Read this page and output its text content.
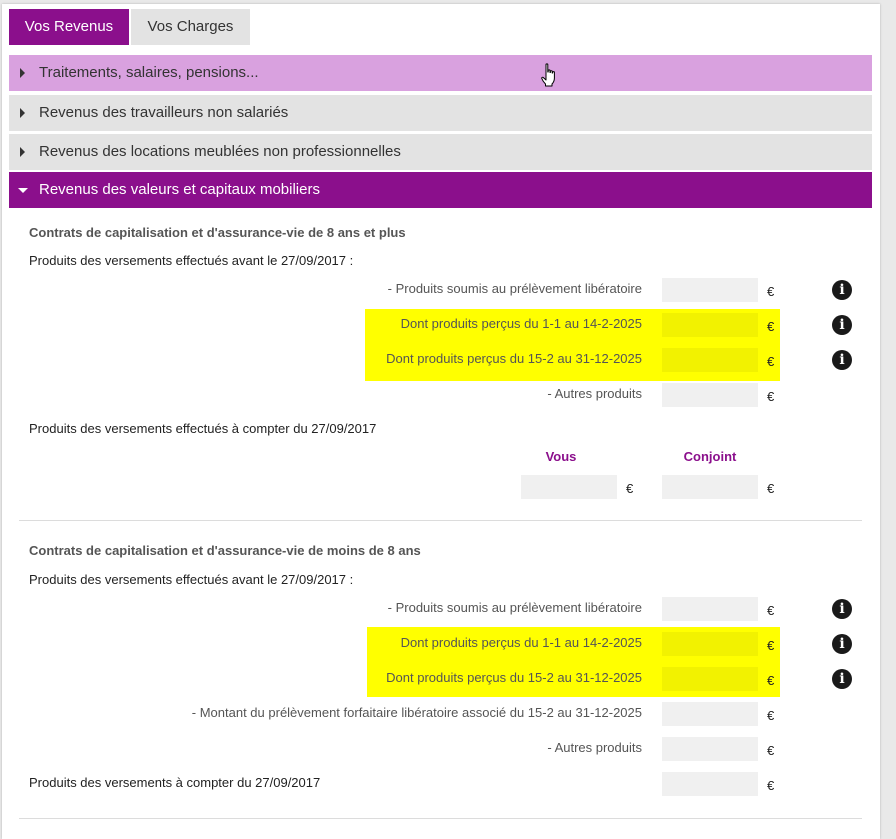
Vos Revenus	Vos Charges
Traitements, salaires, pensions...
Revenus des travailleurs non salariés
Revenus des locations meublées non professionnelles
Revenus des valeurs et capitaux mobiliers
Contrats de capitalisation et d'assurance-vie de 8 ans et plus
Produits des versements effectués avant le 27/09/2017 :
- Produits soumis au prélèvement libératoire	€	i
Dont produits perçus du 1-1 au 14-2-2025	€	i
Dont produits perçus du 15-2 au 31-12-2025	€	i
- Autres produits	€
Produits des versements effectués à compter du 27/09/2017
Vous	Conjoint
€	€
Contrats de capitalisation et d'assurance-vie de moins de 8 ans
Produits des versements effectués avant le 27/09/2017 :
- Produits soumis au prélèvement libératoire	€	i
Dont produits perçus du 1-1 au 14-2-2025	€	i
Dont produits perçus du 15-2 au 31-12-2025	€	i
- Montant du prélèvement forfaitaire libératoire associé du 15-2 au 31-12-2025	€
- Autres produits	€
Produits des versements à compter du 27/09/2017	€
